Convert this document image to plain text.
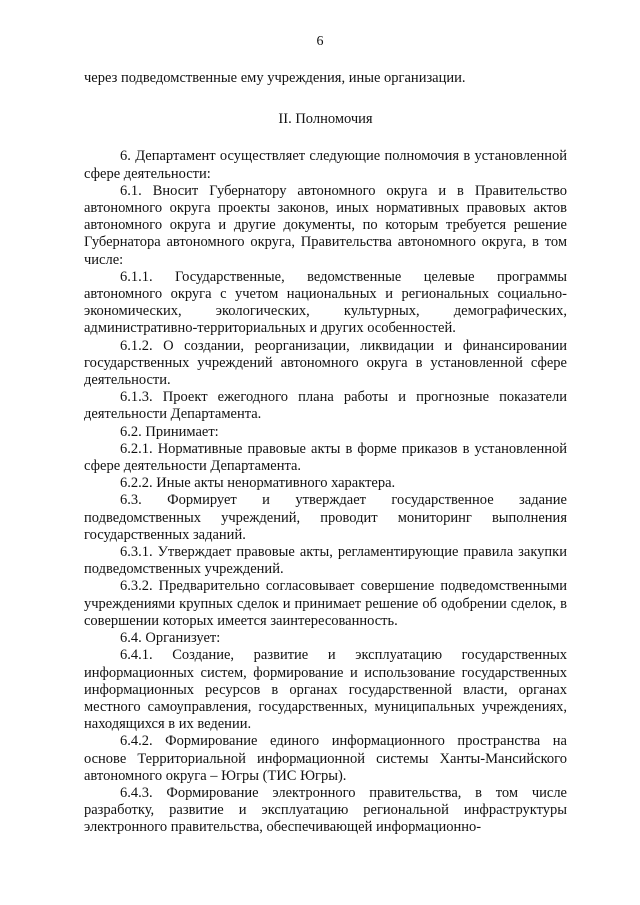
6

через подведомственные ему учреждения, иные организации.

II. Полномочия

6. Департамент осуществляет следующие полномочия в установленной сфере деятельности:

6.1. Вносит Губернатору автономного округа и в Правительство автономного округа проекты законов, иных нормативных правовых актов автономного округа и другие документы, по которым требуется решение Губернатора автономного округа, Правительства автономного округа, в том числе:

6.1.1. Государственные, ведомственные целевые программы автономного округа с учетом национальных и региональных социально-экономических, экологических, культурных, демографических, административно-территориальных и других особенностей.

6.1.2. О создании, реорганизации, ликвидации и финансировании государственных учреждений автономного округа в установленной сфере деятельности.

6.1.3. Проект ежегодного плана работы и прогнозные показатели деятельности Департамента.

6.2. Принимает:

6.2.1. Нормативные правовые акты в форме приказов в установленной сфере деятельности Департамента.

6.2.2. Иные акты ненормативного характера.

6.3. Формирует и утверждает государственное задание подведомственных учреждений, проводит мониторинг выполнения государственных заданий.

6.3.1. Утверждает правовые акты, регламентирующие правила закупки подведомственных учреждений.

6.3.2. Предварительно согласовывает совершение подведомственными учреждениями крупных сделок и принимает решение об одобрении сделок, в совершении которых имеется заинтересованность.

6.4. Организует:

6.4.1. Создание, развитие и эксплуатацию государственных информационных систем, формирование и использование государственных информационных ресурсов в органах государственной власти, органах местного самоуправления, государственных, муниципальных учреждениях, находящихся в их ведении.

6.4.2. Формирование единого информационного пространства на основе Территориальной информационной системы Ханты-Мансийского автономного округа – Югры (ТИС Югры).

6.4.3. Формирование электронного правительства, в том числе разработку, развитие и эксплуатацию региональной инфраструктуры электронного правительства, обеспечивающей информационно-
